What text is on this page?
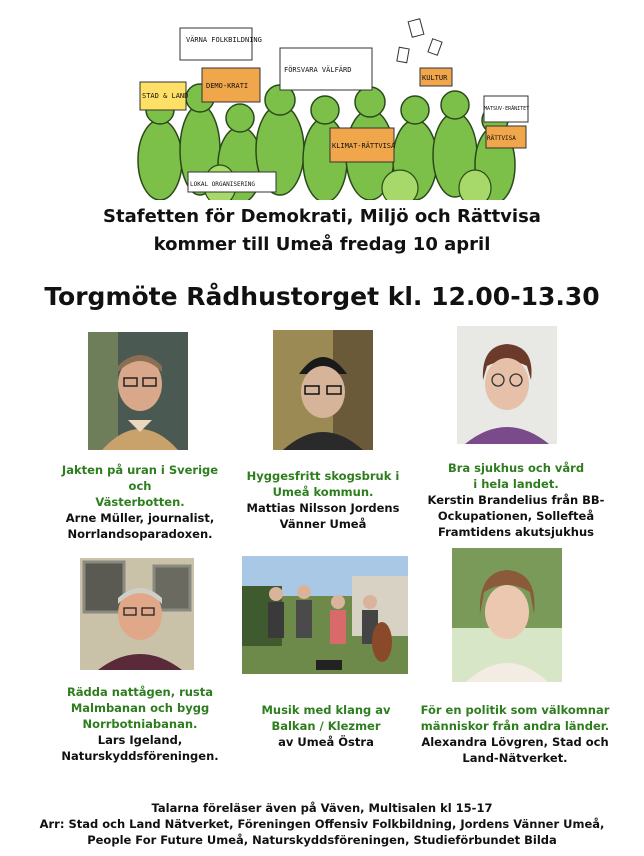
VÄRNA FOLKBILDNING
DEMO-KRATI
STAD & LAND
FÖRSVARA VÄLFÄRD
KULTUR
MATSUV-ERÄNITET
KLIMAT-RÄTTVISA
RÄTTVISA
LOKAL ORGANISERING
Stafetten för Demokrati, Miljö och Rättvisa
kommer till Umeå fredag 10 april
Torgmöte Rådhustorget kl. 12.00-13.30
Jakten på uran i Sverige och
Västerbotten.
Arne Müller, journalist,
Norrlandsoparadoxen.
Hyggesfritt skogsbruk i
Umeå kommun.
Mattias Nilsson Jordens
Vänner Umeå
Bra sjukhus och vård
i hela landet.
Kerstin Brandelius från BB-
Ockupationen, Sollefteå
Framtidens akutsjukhus
Rädda nattågen, rusta
Malmbanan och bygg
Norrbotniabanan.
Lars Igeland,
Naturskyddsföreningen.
Musik med klang av
Balkan / Klezmer
av Umeå Östra
För en politik som välkomnar
människor från andra länder.
Alexandra Lövgren, Stad och
Land-Nätverket.
Talarna föreläser även på Väven, Multisalen kl 15-17
Arr: Stad och Land Nätverket, Föreningen Offensiv Folkbildning, Jordens Vänner Umeå,
People For Future Umeå, Naturskyddsföreningen, Studieförbundet Bilda
